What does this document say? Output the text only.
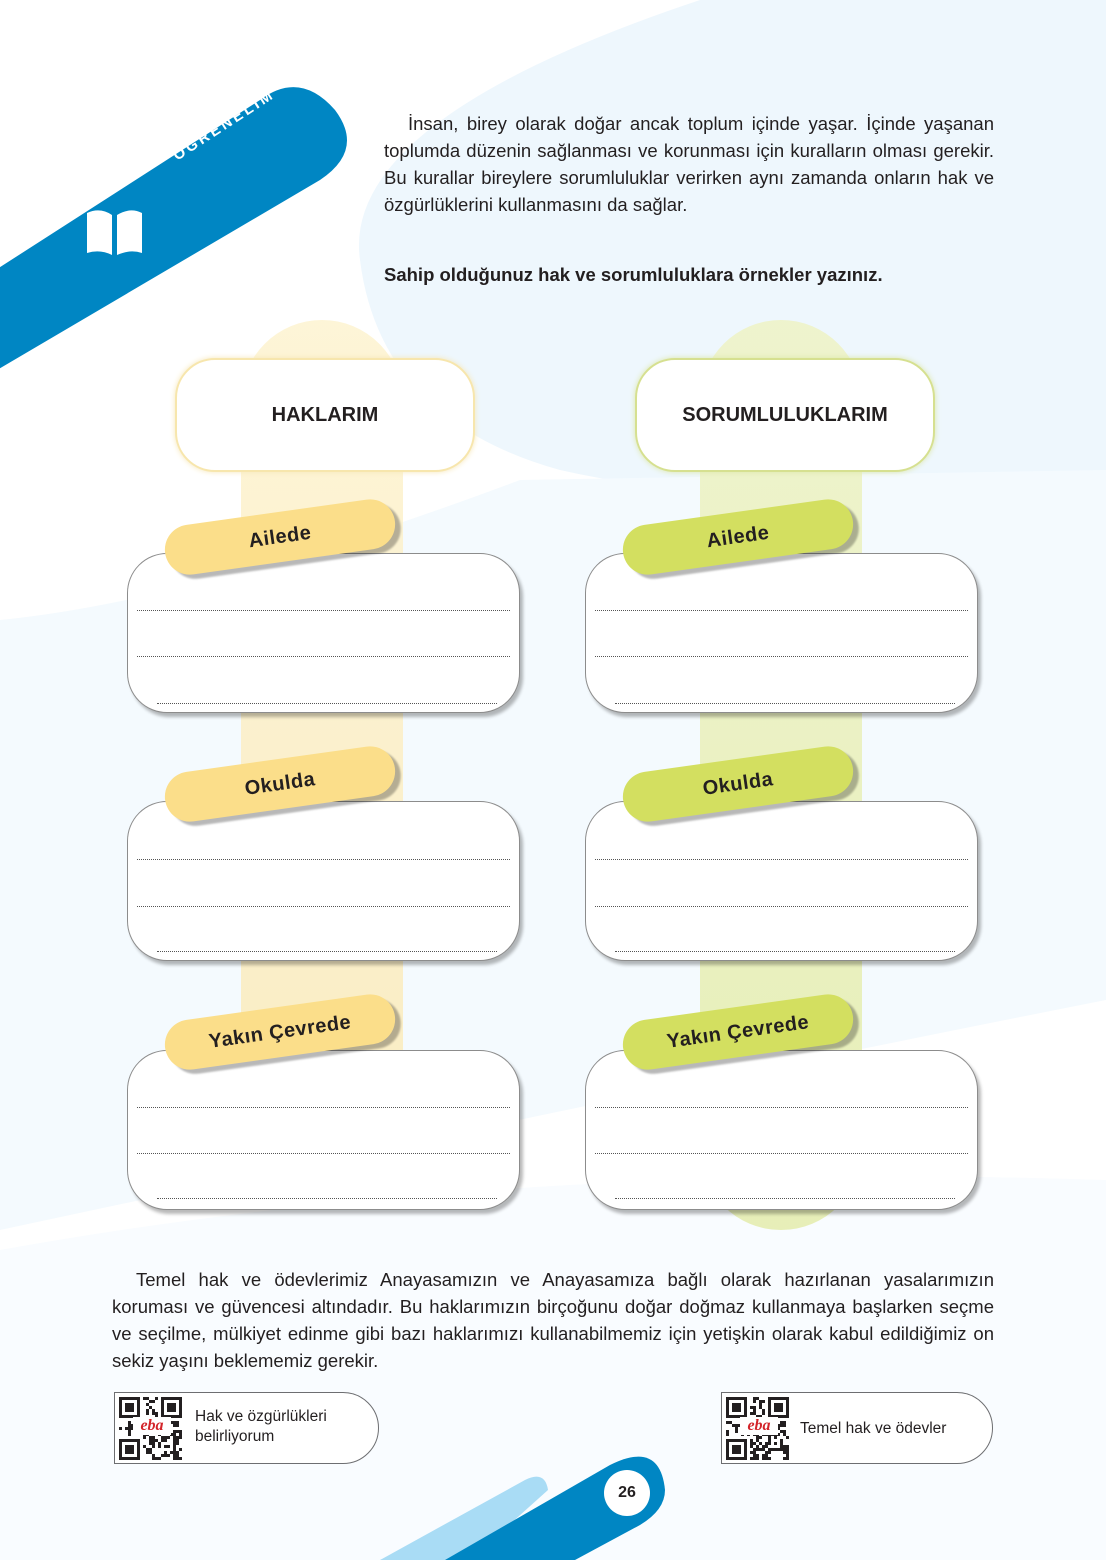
ÖĞRENELİM	İnsan, birey olarak doğar ancak toplum içinde yaşar. İçinde yaşanan toplumda düzenin sağlanması ve korunması için kuralların olması gerekir. Bu kurallar bireylere sorumluluklar verirken aynı zamanda onların hak ve özgürlüklerini kullanmasını da sağlar.

Sahip olduğunuz hak ve sorumluluklara örnekler yazınız.
HAKLARIM	SORUMLULUKLARIM
Ailede
Okulda
Yakın Çevrede
Ailede
Okulda
Yakın Çevrede

Temel hak ve ödevlerimiz Anayasamızın ve Anayasamıza bağlı olarak hazırlanan yasalarımızın koruması ve güvencesi altındadır. Bu haklarımızın birçoğunu doğar doğmaz kullanmaya başlarken seçme ve seçilme, mülkiyet edinme gibi bazı haklarımızı kullanabilmemiz için yetişkin olarak kabul edildiğimiz on sekiz yaşını beklememiz gerekir.

eba
Hak ve özgürlükleri
belirliyorum
eba	Temel hak ve ödevler
26
